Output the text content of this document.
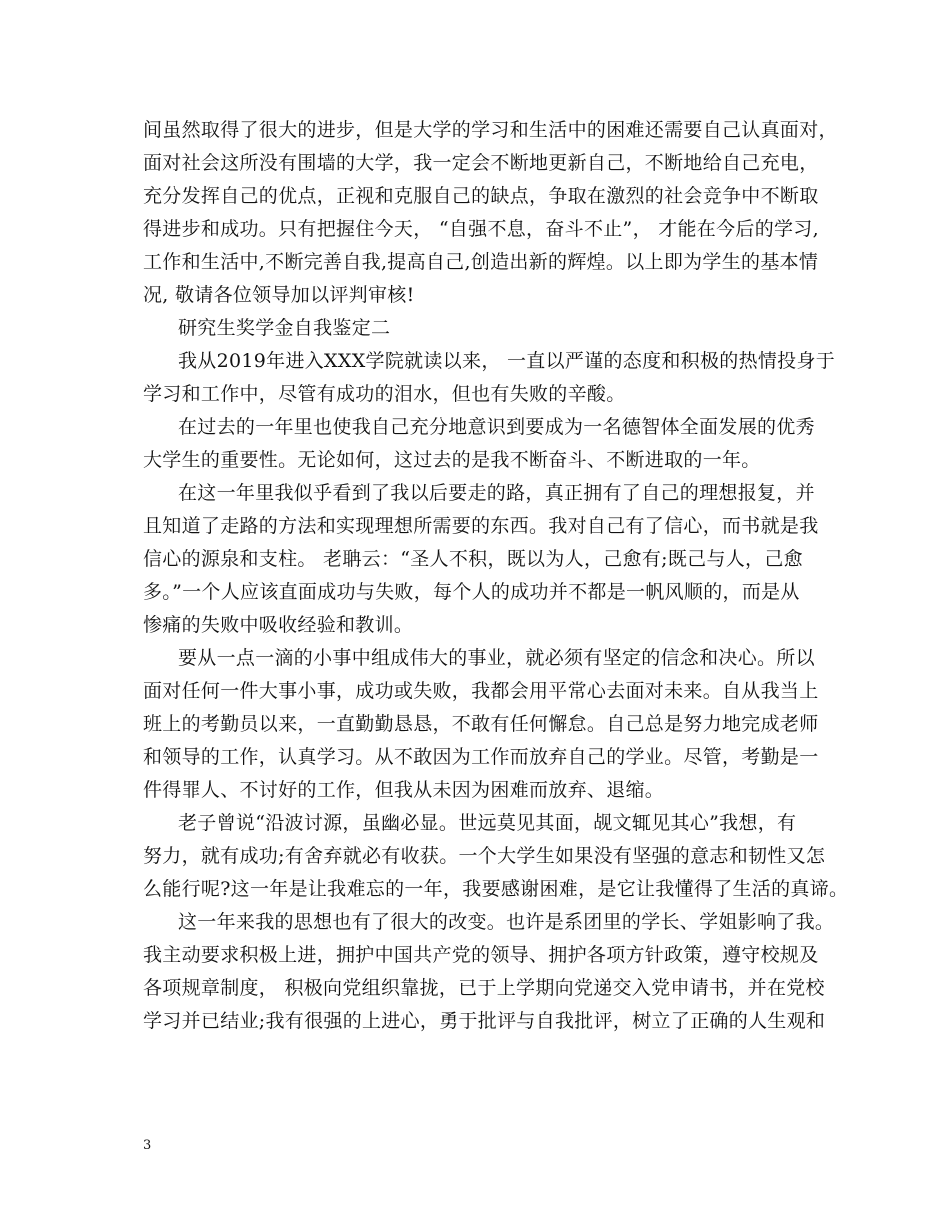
间虽然取得了很大的进步，但是大学的学习和生活中的困难还需要自己认真面对，
面对社会这所没有围墙的大学，我一定会不断地更新自己，不断地给自己充电，
充分发挥自己的优点，正视和克服自己的缺点，争取在激烈的社会竞争中不断取
得进步和成功。只有把握住今天， “自强不息，奋斗不止”， 才能在今后的学习,
工作和生活中,不断完善自我,提高自己,创造出新的辉煌。以上即为学生的基本情
况, 敬请各位领导加以评判审核!
研究生奖学金自我鉴定二
我从2019年进入XXX学院就读以来， 一直以严谨的态度和积极的热情投身于
学习和工作中，尽管有成功的泪水，但也有失败的辛酸。
在过去的一年里也使我自己充分地意识到要成为一名德智体全面发展的优秀
大学生的重要性。无论如何，这过去的是我不断奋斗、不断进取的一年。
在这一年里我似乎看到了我以后要走的路，真正拥有了自己的理想报复，并
且知道了走路的方法和实现理想所需要的东西。我对自己有了信心，而书就是我
信心的源泉和支柱。 老聃云：“圣人不积，既以为人，己愈有;既己与人，己愈
多。”一个人应该直面成功与失败，每个人的成功并不都是一帆风顺的，而是从
惨痛的失败中吸收经验和教训。
要从一点一滴的小事中组成伟大的事业，就必须有坚定的信念和决心。所以
面对任何一件大事小事，成功或失败，我都会用平常心去面对未来。自从我当上
班上的考勤员以来，一直勤勤恳恳，不敢有任何懈怠。自己总是努力地完成老师
和领导的工作，认真学习。从不敢因为工作而放弃自己的学业。尽管，考勤是一
件得罪人、不讨好的工作，但我从未因为困难而放弃、退缩。
老子曾说“沿波讨源，虽幽必显。世远莫见其面，觇文辄见其心”我想，有
努力，就有成功;有舍弃就必有收获。一个大学生如果没有坚强的意志和韧性又怎
么能行呢?这一年是让我难忘的一年，我要感谢困难，是它让我懂得了生活的真谛。
这一年来我的思想也有了很大的改变。也许是系团里的学长、学姐影响了我。
我主动要求积极上进，拥护中国共产党的领导、拥护各项方针政策，遵守校规及
各项规章制度， 积极向党组织靠拢，已于上学期向党递交入党申请书，并在党校
学习并已结业;我有很强的上进心，勇于批评与自我批评，树立了正确的人生观和
3
